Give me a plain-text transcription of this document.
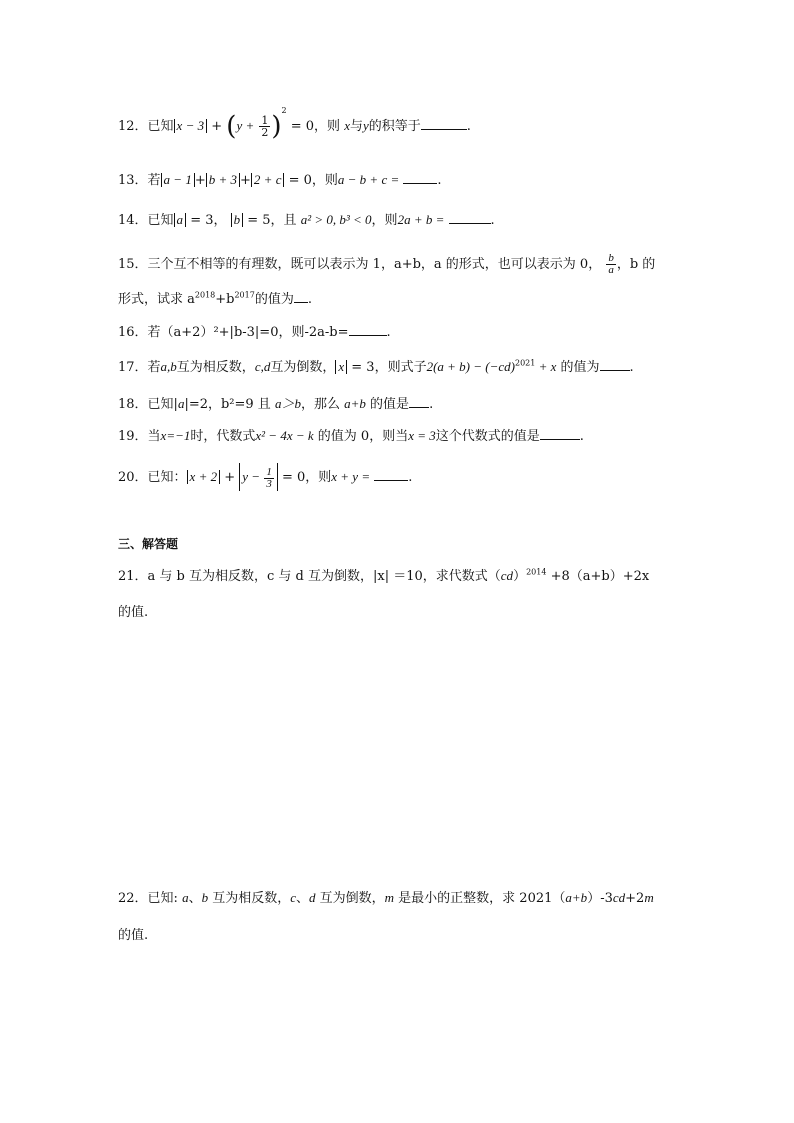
12．已知 $x - 3 + (y + \frac{1}{2} )^2 = 0$，则 x与y的积等于	.
13．若 a − 1 + b + 3 + 2 + c = 0，则a − b + c =	.
14．已知 a = 3， b = 5，且 a² > 0, b³ < 0，则2a + b =	.
15．三个互不相等的有理数，既可以表示为 1，a+b，a 的形式，也可以表示为 0， $\frac{b}{a}$ ，b 的
形式，试求 $a^{2018}+b^{2017}$的值为 .
16．若（a+2）²+|b-3|=0，则-2a-b=	.
17．若a,b互为相反数，c,d互为倒数， x = 3，则式子$2(a + b) - (-cd)^{2021} + x$ 的值为 .
18．已知|a|=2，b²=9 且 a＞b，那么 a+b 的值是 .
19．当x=−1时，代数式x² − 4x − k 的值为 0，则当x = 3这个代数式的值是	.
20．已知： $x + 2 + y - \frac{1}{3} = 0$，则x + y =	.
三、解答题
21．a 与 b 互为相反数，c 与 d 互为倒数，|x| ＝10，求代数式（cd）$^{2014}$ +8（a+b）+2x
的值.
22．已知: a、b 互为相反数，c、d 互为倒数，m 是最小的正整数，求 2021（a+b）-3cd+2m
的值.
